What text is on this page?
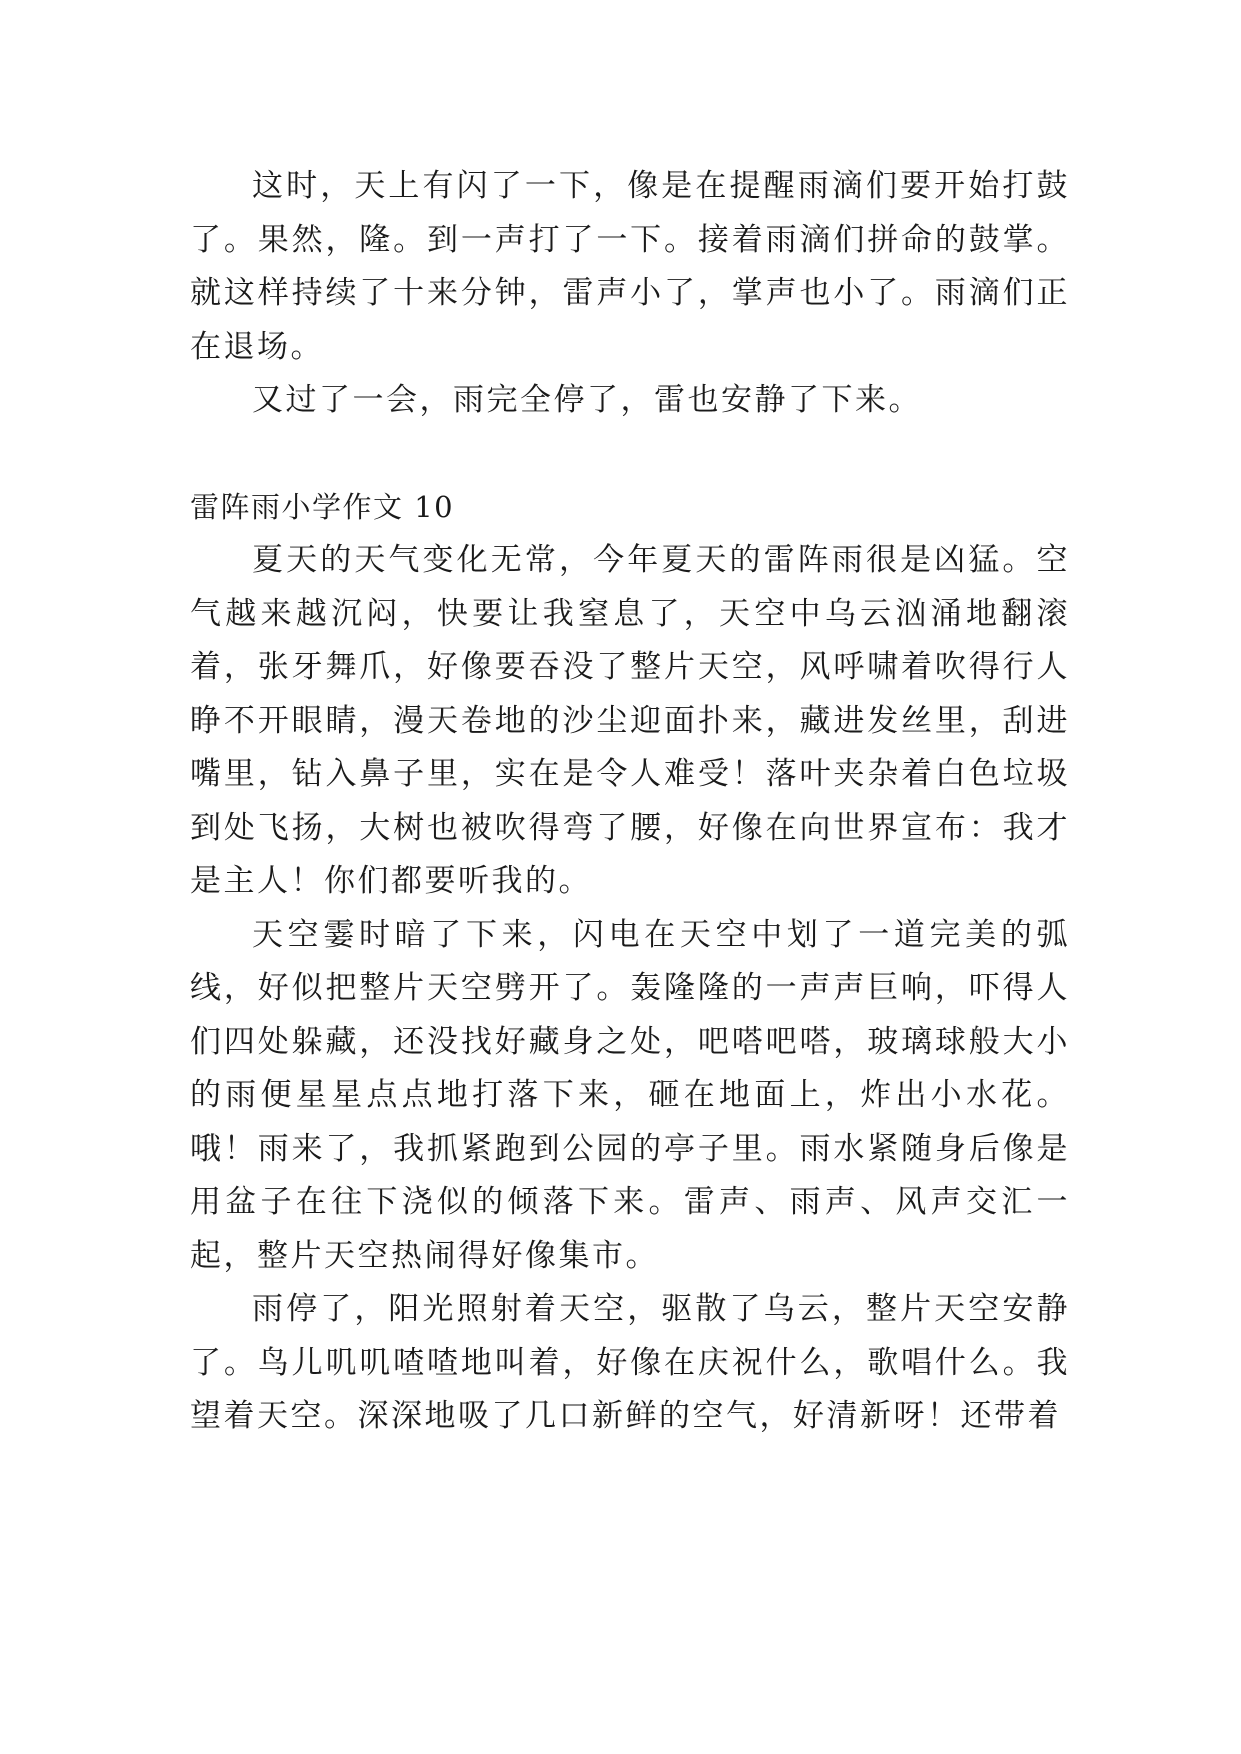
这时，天上有闪了一下，像是在提醒雨滴们要开始打鼓了。果然，隆。到一声打了一下。接着雨滴们拼命的鼓掌。就这样持续了十来分钟，雷声小了，掌声也小了。雨滴们正在退场。

又过了一会，雨完全停了，雷也安静了下来。

雷阵雨小学作文 10

夏天的天气变化无常，今年夏天的雷阵雨很是凶猛。空气越来越沉闷，快要让我窒息了，天空中乌云汹涌地翻滚着，张牙舞爪，好像要吞没了整片天空，风呼啸着吹得行人睁不开眼睛，漫天卷地的沙尘迎面扑来，藏进发丝里，刮进嘴里，钻入鼻子里，实在是令人难受！落叶夹杂着白色垃圾到处飞扬，大树也被吹得弯了腰，好像在向世界宣布：我才是主人！你们都要听我的。

天空霎时暗了下来，闪电在天空中划了一道完美的弧线，好似把整片天空劈开了。轰隆隆的一声声巨响，吓得人们四处躲藏，还没找好藏身之处，吧嗒吧嗒，玻璃球般大小的雨便星星点点地打落下来，砸在地面上，炸出小水花。哦！雨来了，我抓紧跑到公园的亭子里。雨水紧随身后像是用盆子在往下浇似的倾落下来。雷声、雨声、风声交汇一起，整片天空热闹得好像集市。

雨停了，阳光照射着天空，驱散了乌云，整片天空安静了。鸟儿叽叽喳喳地叫着，好像在庆祝什么，歌唱什么。我望着天空。深深地吸了几口新鲜的空气，好清新呀！还带着
